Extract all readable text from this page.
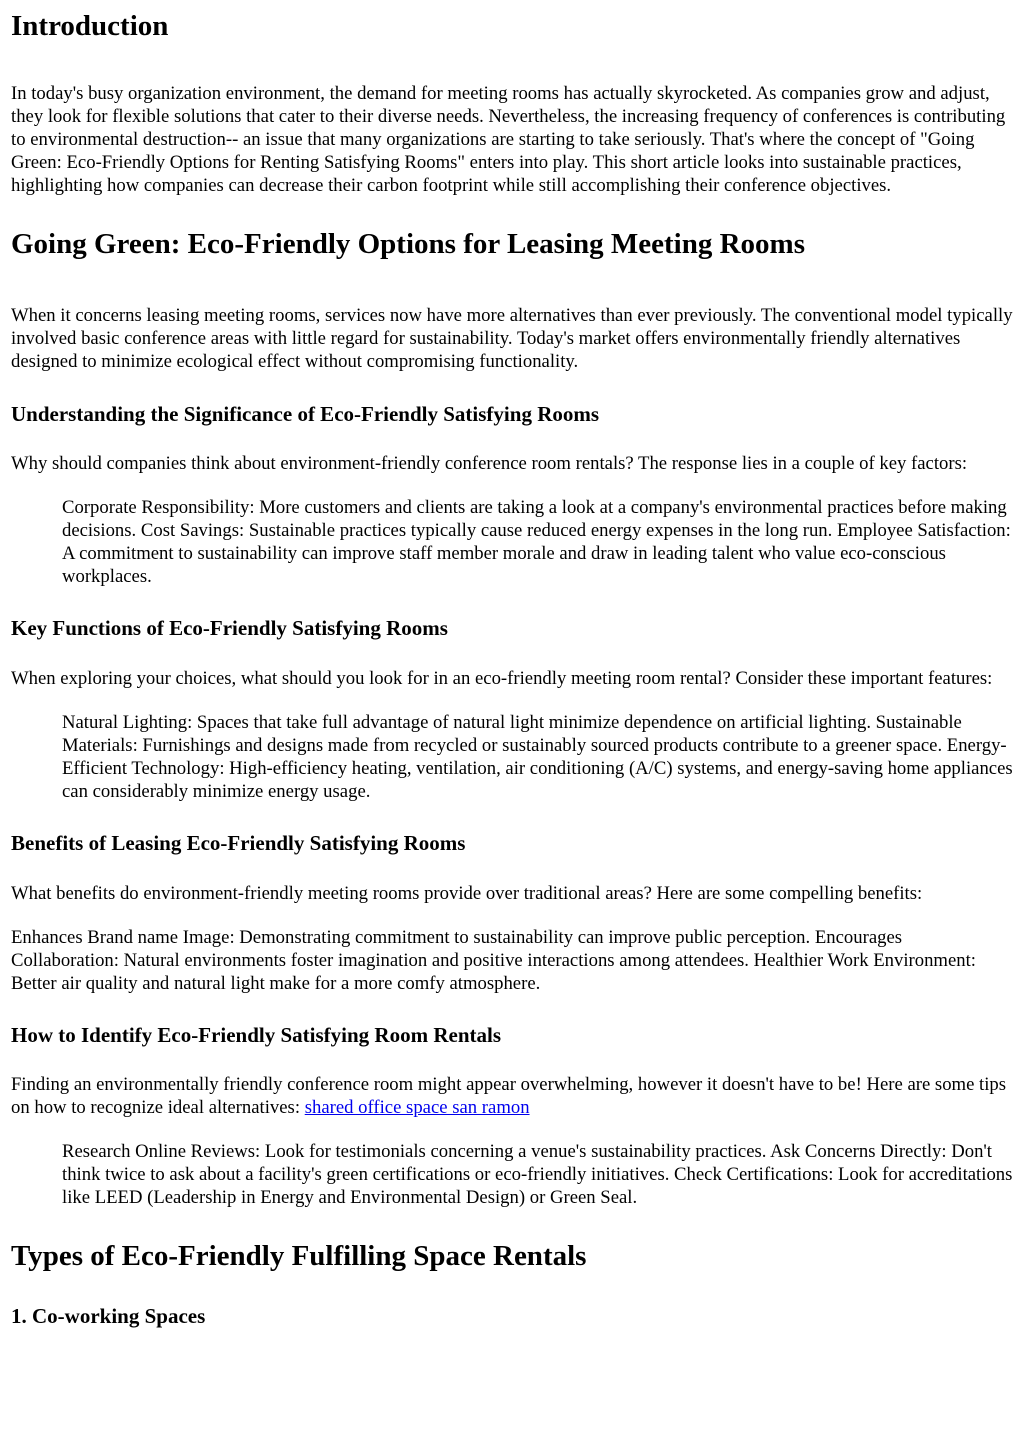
Introduction

In today's busy organization environment, the demand for meeting rooms has actually skyrocketed. As companies grow and adjust, they look for flexible solutions that cater to their diverse needs. Nevertheless, the increasing frequency of conferences is contributing to environmental destruction-- an issue that many organizations are starting to take seriously. That's where the concept of "Going Green: Eco-Friendly Options for Renting Satisfying Rooms" enters into play. This short article looks into sustainable practices, highlighting how companies can decrease their carbon footprint while still accomplishing their conference objectives.

Going Green: Eco-Friendly Options for Leasing Meeting Rooms

When it concerns leasing meeting rooms, services now have more alternatives than ever previously. The conventional model typically involved basic conference areas with little regard for sustainability. Today's market offers environmentally friendly alternatives designed to minimize ecological effect without compromising functionality.

Understanding the Significance of Eco-Friendly Satisfying Rooms

Why should companies think about environment-friendly conference room rentals? The response lies in a couple of key factors:

Corporate Responsibility: More customers and clients are taking a look at a company's environmental practices before making decisions. Cost Savings: Sustainable practices typically cause reduced energy expenses in the long run. Employee Satisfaction: A commitment to sustainability can improve staff member morale and draw in leading talent who value eco-conscious workplaces.
Key Functions of Eco-Friendly Satisfying Rooms

When exploring your choices, what should you look for in an eco-friendly meeting room rental? Consider these important features:

Natural Lighting: Spaces that take full advantage of natural light minimize dependence on artificial lighting. Sustainable Materials: Furnishings and designs made from recycled or sustainably sourced products contribute to a greener space. Energy-Efficient Technology: High-efficiency heating, ventilation, air conditioning (A/C) systems, and energy-saving home appliances can considerably minimize energy usage.
Benefits of Leasing Eco-Friendly Satisfying Rooms

What benefits do environment-friendly meeting rooms provide over traditional areas? Here are some compelling benefits:

Enhances Brand name Image: Demonstrating commitment to sustainability can improve public perception. Encourages Collaboration: Natural environments foster imagination and positive interactions among attendees. Healthier Work Environment: Better air quality and natural light make for a more comfy atmosphere.

How to Identify Eco-Friendly Satisfying Room Rentals

Finding an environmentally friendly conference room might appear overwhelming, however it doesn't have to be! Here are some tips on how to recognize ideal alternatives: shared office space san ramon

Research Online Reviews: Look for testimonials concerning a venue's sustainability practices. Ask Concerns Directly: Don't think twice to ask about a facility's green certifications or eco-friendly initiatives. Check Certifications: Look for accreditations like LEED (Leadership in Energy and Environmental Design) or Green Seal.
Types of Eco-Friendly Fulfilling Space Rentals
1. Co-working Spaces
